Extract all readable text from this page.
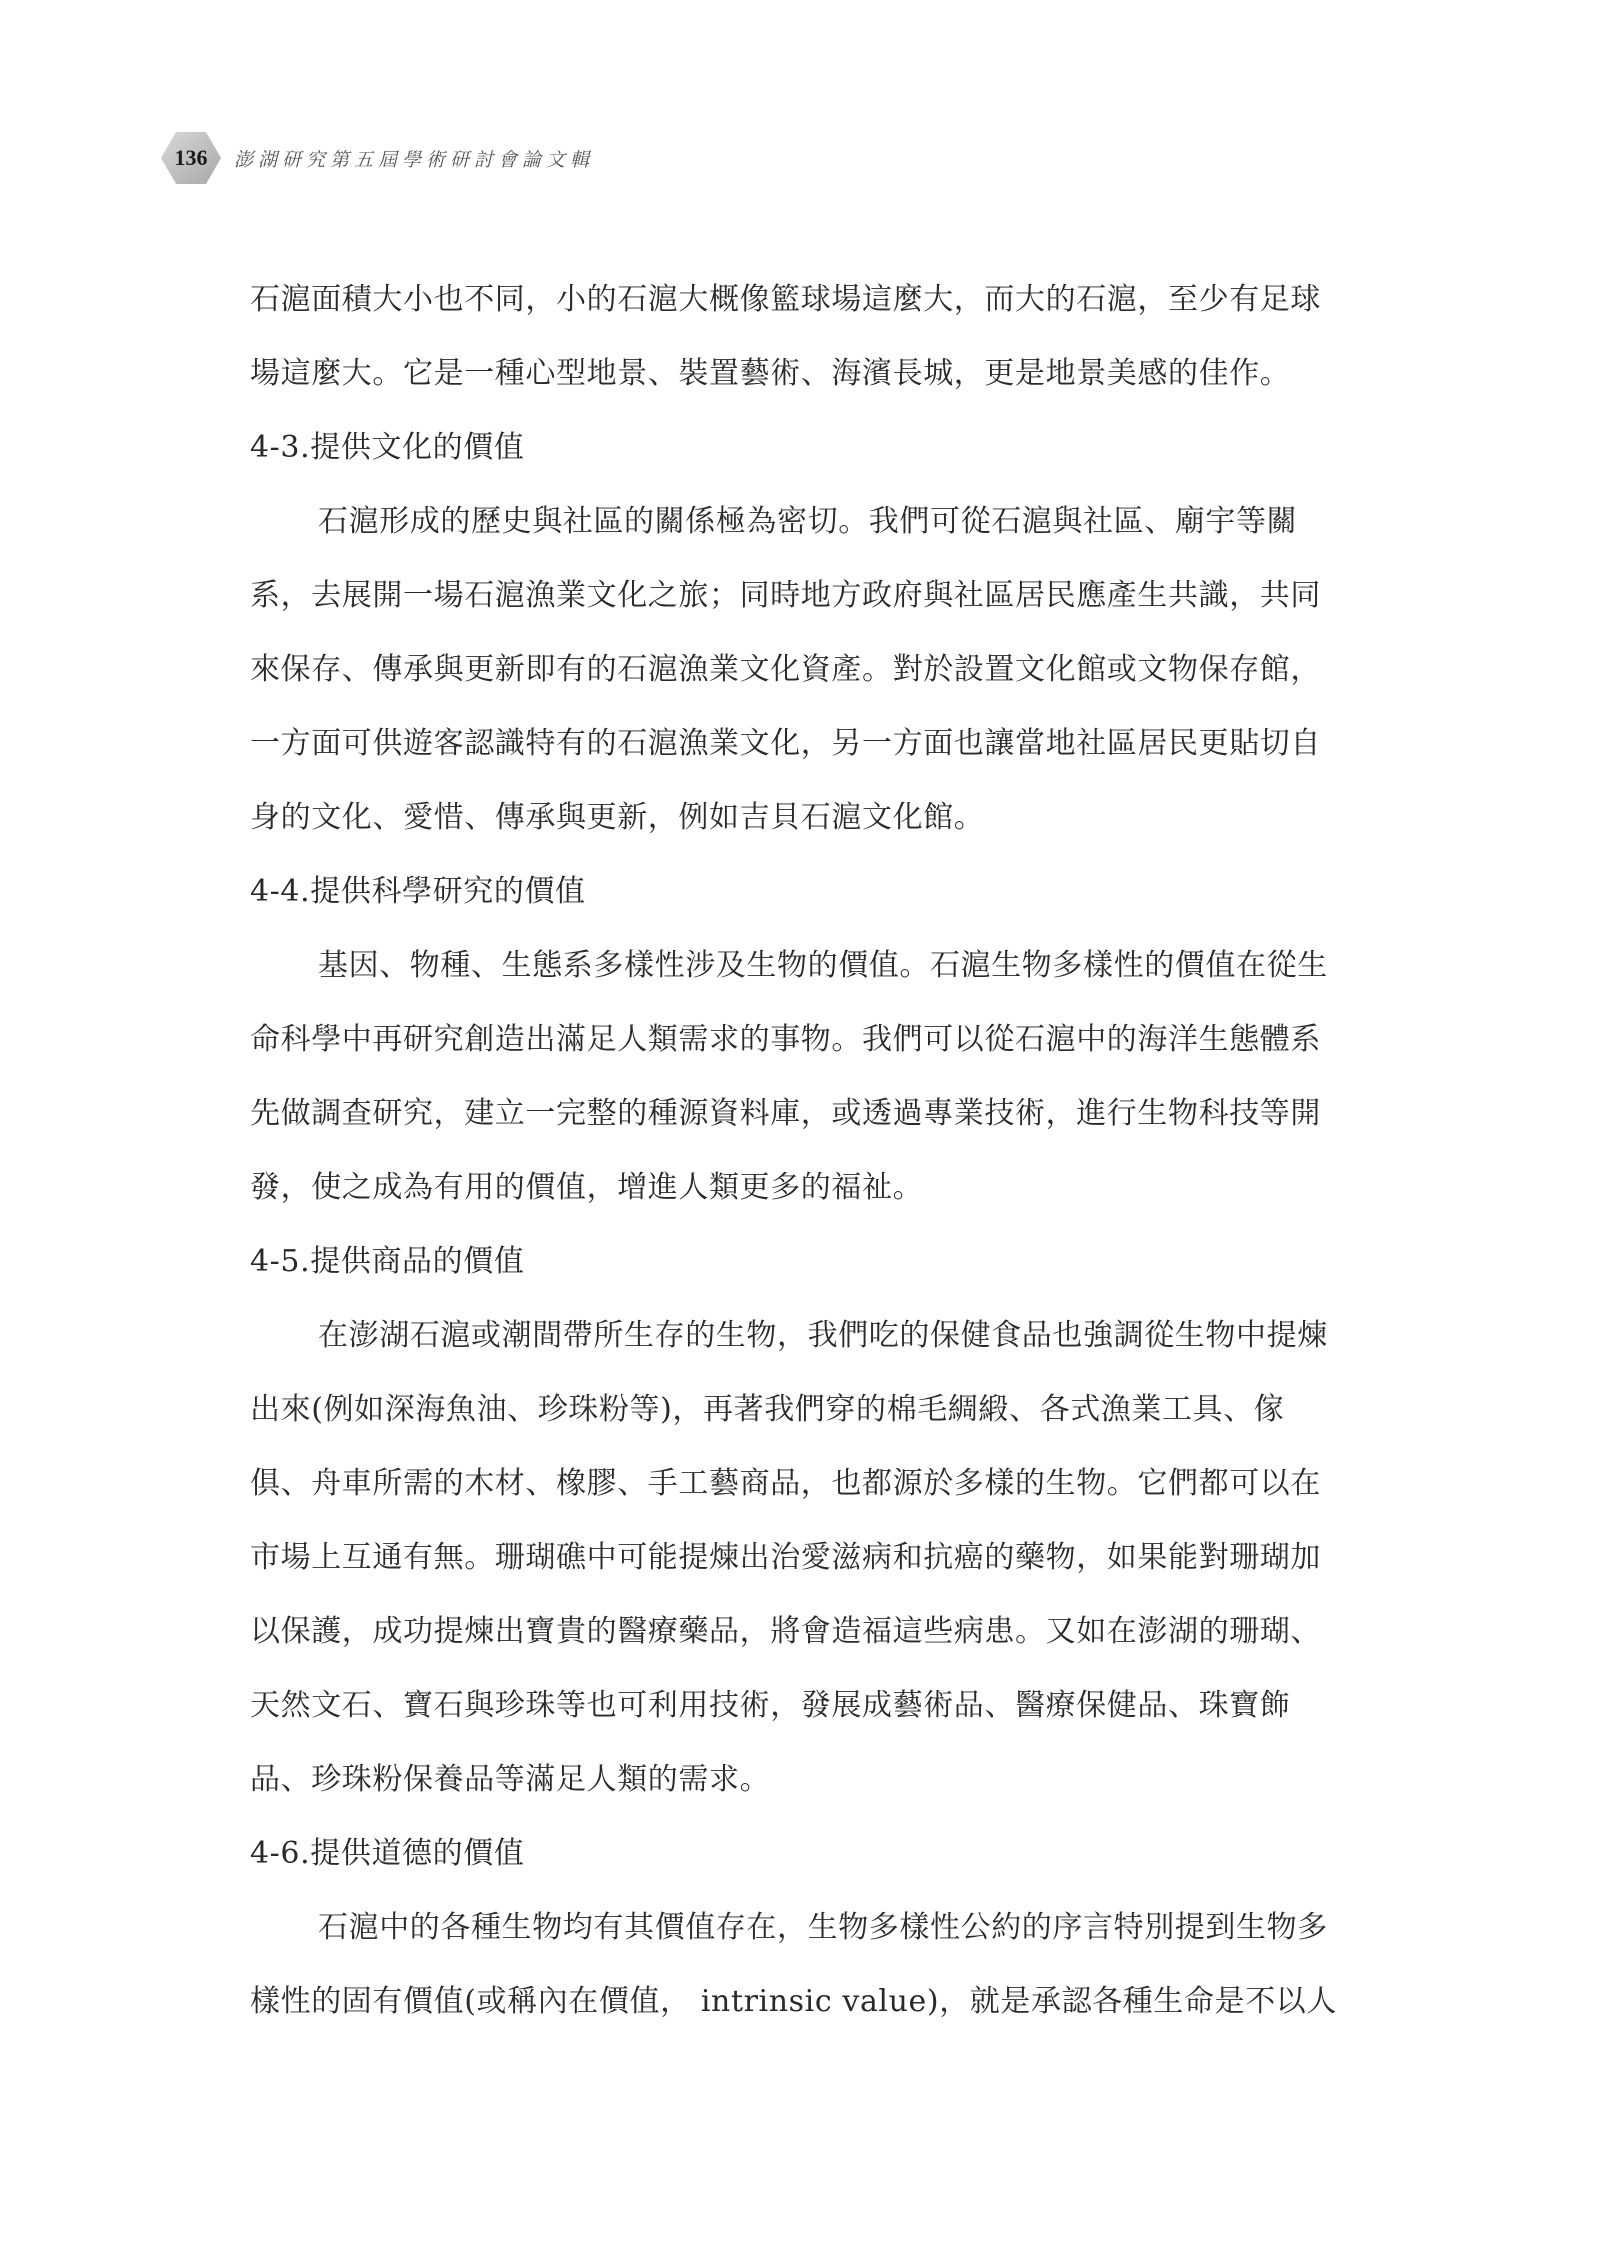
136 澎湖研究第五屆學術研討會論文輯
石滬面積大小也不同，小的石滬大概像籃球場這麼大，而大的石滬，至少有足球
場這麼大。它是一種心型地景、裝置藝術、海濱長城，更是地景美感的佳作。
4-3.提供文化的價值
石滬形成的歷史與社區的關係極為密切。我們可從石滬與社區、廟宇等關
系，去展開一場石滬漁業文化之旅；同時地方政府與社區居民應產生共識，共同
來保存、傳承與更新即有的石滬漁業文化資產。對於設置文化館或文物保存館，
一方面可供遊客認識特有的石滬漁業文化，另一方面也讓當地社區居民更貼切自
身的文化、愛惜、傳承與更新，例如吉貝石滬文化館。
4-4.提供科學研究的價值
基因、物種、生態系多樣性涉及生物的價值。石滬生物多樣性的價值在從生
命科學中再研究創造出滿足人類需求的事物。我們可以從石滬中的海洋生態體系
先做調查研究，建立一完整的種源資料庫，或透過專業技術，進行生物科技等開
發，使之成為有用的價值，增進人類更多的福祉。
4-5.提供商品的價值
在澎湖石滬或潮間帶所生存的生物，我們吃的保健食品也強調從生物中提煉
出來(例如深海魚油、珍珠粉等)，再著我們穿的棉毛綢緞、各式漁業工具、傢
俱、舟車所需的木材、橡膠、手工藝商品，也都源於多樣的生物。它們都可以在
市場上互通有無。珊瑚礁中可能提煉出治愛滋病和抗癌的藥物，如果能對珊瑚加
以保護，成功提煉出寶貴的醫療藥品，將會造福這些病患。又如在澎湖的珊瑚、
天然文石、寶石與珍珠等也可利用技術，發展成藝術品、醫療保健品、珠寶飾
品、珍珠粉保養品等滿足人類的需求。
4-6.提供道德的價值
石滬中的各種生物均有其價值存在，生物多樣性公約的序言特別提到生物多
樣性的固有價值(或稱內在價值， intrinsic value)，就是承認各種生命是不以人
